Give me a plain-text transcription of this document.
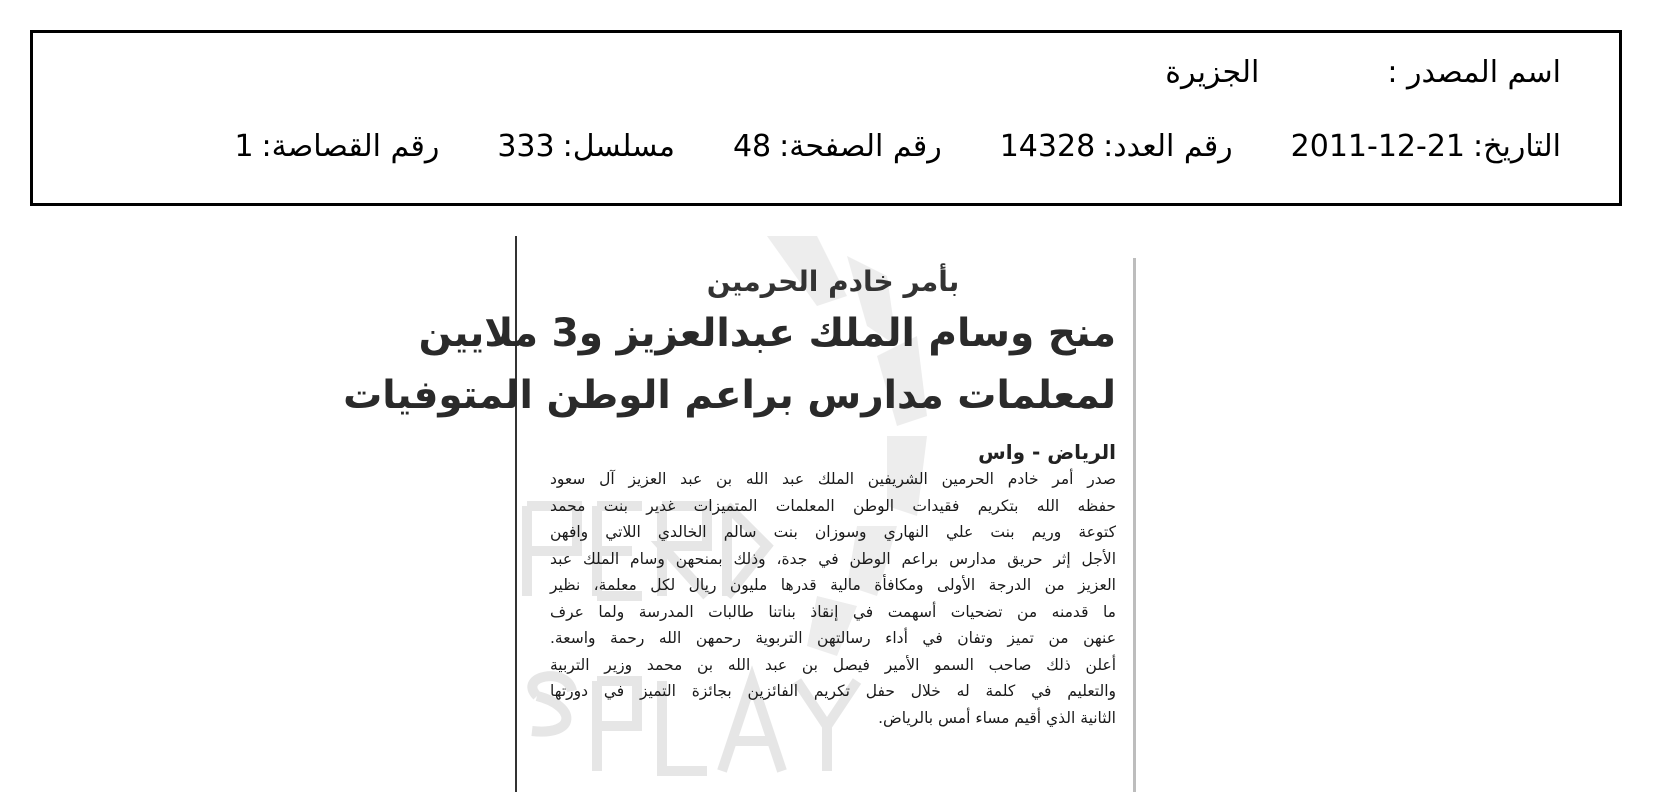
اسم المصدر :
الجزيرة
التاريخ:
2011-12-21
رقم العدد:
14328
رقم الصفحة:
48
مسلسل:
333
رقم القصاصة:
1
بأمر خادم الحرمين
منح وسام الملك عبدالعزيز و3 ملايين
لمعلمات مدارس براعم الوطن المتوفيات
الرياض - واس
صدر أمر خادم الحرمين الشريفين الملك عبد الله بن عبد العزيز آل سعود
حفظه الله بتكريم فقيدات الوطن المعلمات المتميزات غدير بنت محمد
كتوعة وريم بنت علي النهاري وسوزان بنت سالم الخالدي اللاتي وافهن
الأجل إثر حريق مدارس براعم الوطن في جدة، وذلك بمنحهن وسام الملك عبد
العزيز من الدرجة الأولى ومكافأة مالية قدرها مليون ريال لكل معلمة، نظير
ما قدمنه من تضحيات أسهمت في إنقاذ بناتنا طالبات المدرسة ولما عرف
عنهن من تميز وتفان في أداء رسالتهن التربوية رحمهن الله رحمة واسعة.
أعلن ذلك صاحب السمو الأمير فيصل بن عبد الله بن محمد وزير التربية
والتعليم في كلمة له خلال حفل تكريم الفائزين بجائزة التميز في دورتها
الثانية الذي أقيم مساء أمس بالرياض.
